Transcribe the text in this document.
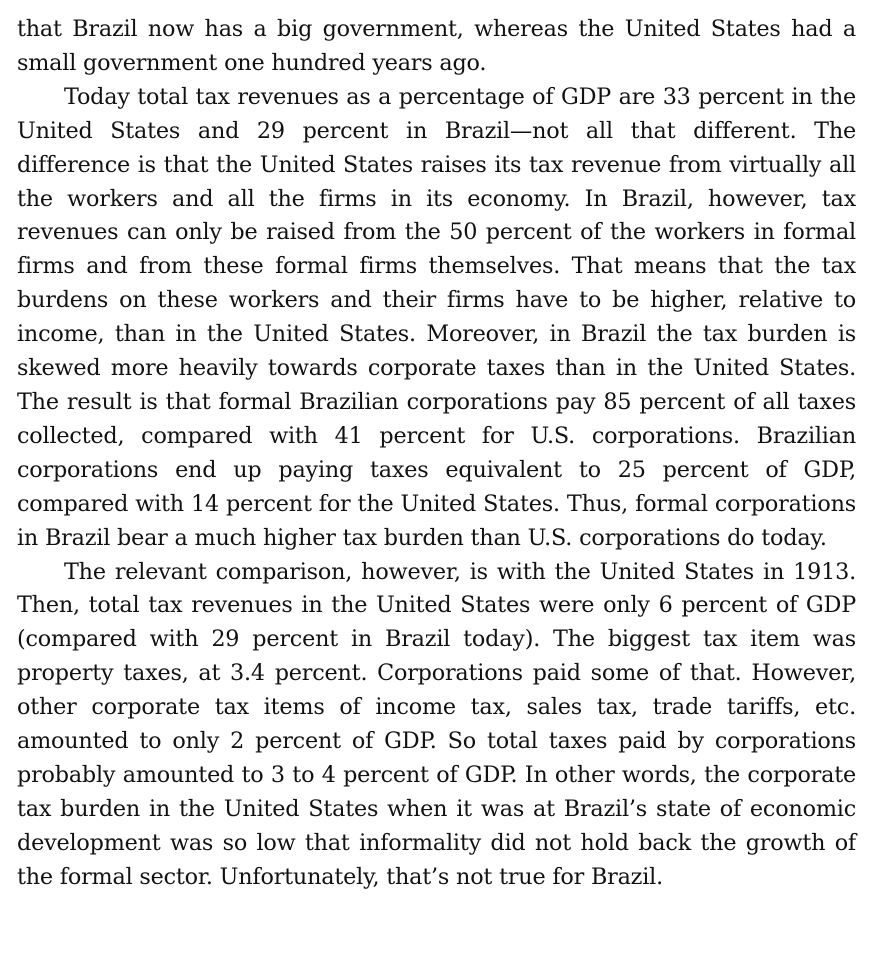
that Brazil now has a big government, whereas the United States had a small government one hundred years ago.

Today total tax revenues as a percentage of GDP are 33 percent in the United States and 29 percent in Brazil—not all that different. The difference is that the United States raises its tax revenue from virtually all the workers and all the firms in its economy. In Brazil, however, tax revenues can only be raised from the 50 percent of the workers in formal firms and from these formal firms themselves. That means that the tax burdens on these workers and their firms have to be higher, relative to income, than in the United States. Moreover, in Brazil the tax burden is skewed more heavily towards corporate taxes than in the United States. The result is that formal Brazilian corporations pay 85 percent of all taxes collected, compared with 41 percent for U.S. corporations. Brazilian corporations end up paying taxes equivalent to 25 percent of GDP, compared with 14 percent for the United States. Thus, formal corporations in Brazil bear a much higher tax burden than U.S. corporations do today.

The relevant comparison, however, is with the United States in 1913. Then, total tax revenues in the United States were only 6 percent of GDP (compared with 29 percent in Brazil today). The biggest tax item was property taxes, at 3.4 percent. Corporations paid some of that. However, other corporate tax items of income tax, sales tax, trade tariffs, etc. amounted to only 2 percent of GDP. So total taxes paid by corporations probably amounted to 3 to 4 percent of GDP. In other words, the corporate tax burden in the United States when it was at Brazil’s state of economic development was so low that informality did not hold back the growth of the formal sector. Unfortunately, that’s not true for Brazil.
